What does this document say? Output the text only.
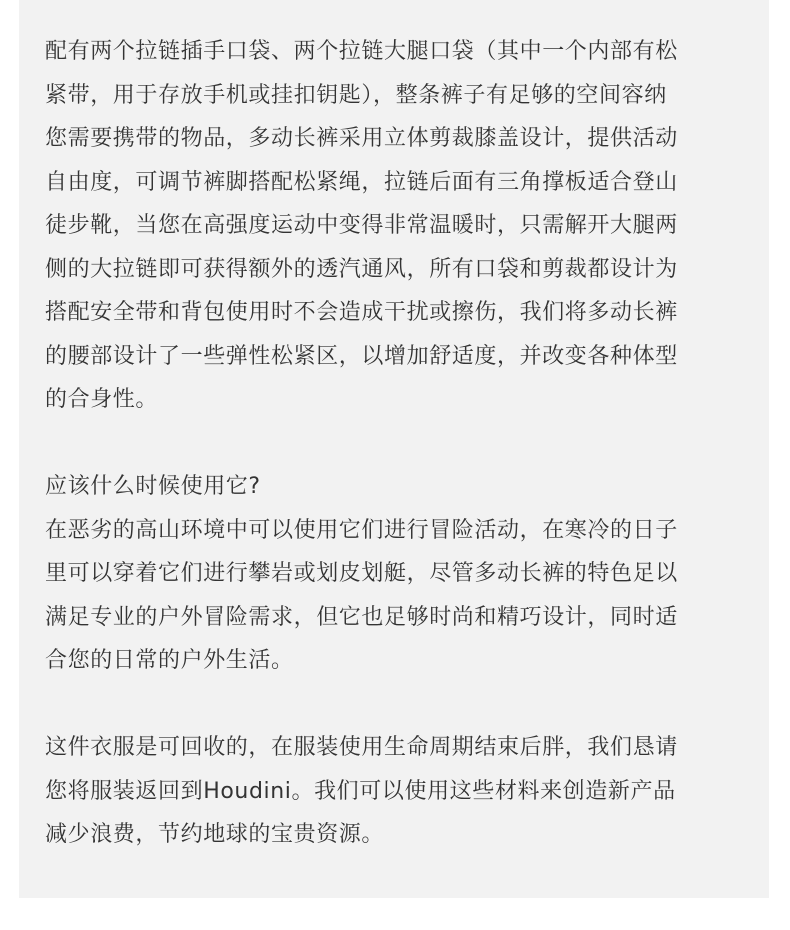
配有两个拉链插手口袋、两个拉链大腿口袋（其中一个内部有松
紧带，用于存放手机或挂扣钥匙），整条裤子有足够的空间容纳
您需要携带的物品，多动长裤采用立体剪裁膝盖设计，提供活动
自由度，可调节裤脚搭配松紧绳，拉链后面有三角撑板适合登山
徒步靴，当您在高强度运动中变得非常温暖时，只需解开大腿两
侧的大拉链即可获得额外的透汽通风，所有口袋和剪裁都设计为
搭配安全带和背包使用时不会造成干扰或擦伤，我们将多动长裤
的腰部设计了一些弹性松紧区，以增加舒适度，并改变各种体型
的合身性。

应该什么时候使用它?

在恶劣的高山环境中可以使用它们进行冒险活动，在寒冷的日子
里可以穿着它们进行攀岩或划皮划艇，尽管多动长裤的特色足以
满足专业的户外冒险需求，但它也足够时尚和精巧设计，同时适
合您的日常的户外生活。

这件衣服是可回收的，在服装使用生命周期结束后胖，我们恳请
您将服装返回到Houdini。我们可以使用这些材料来创造新产品
减少浪费，节约地球的宝贵资源。
